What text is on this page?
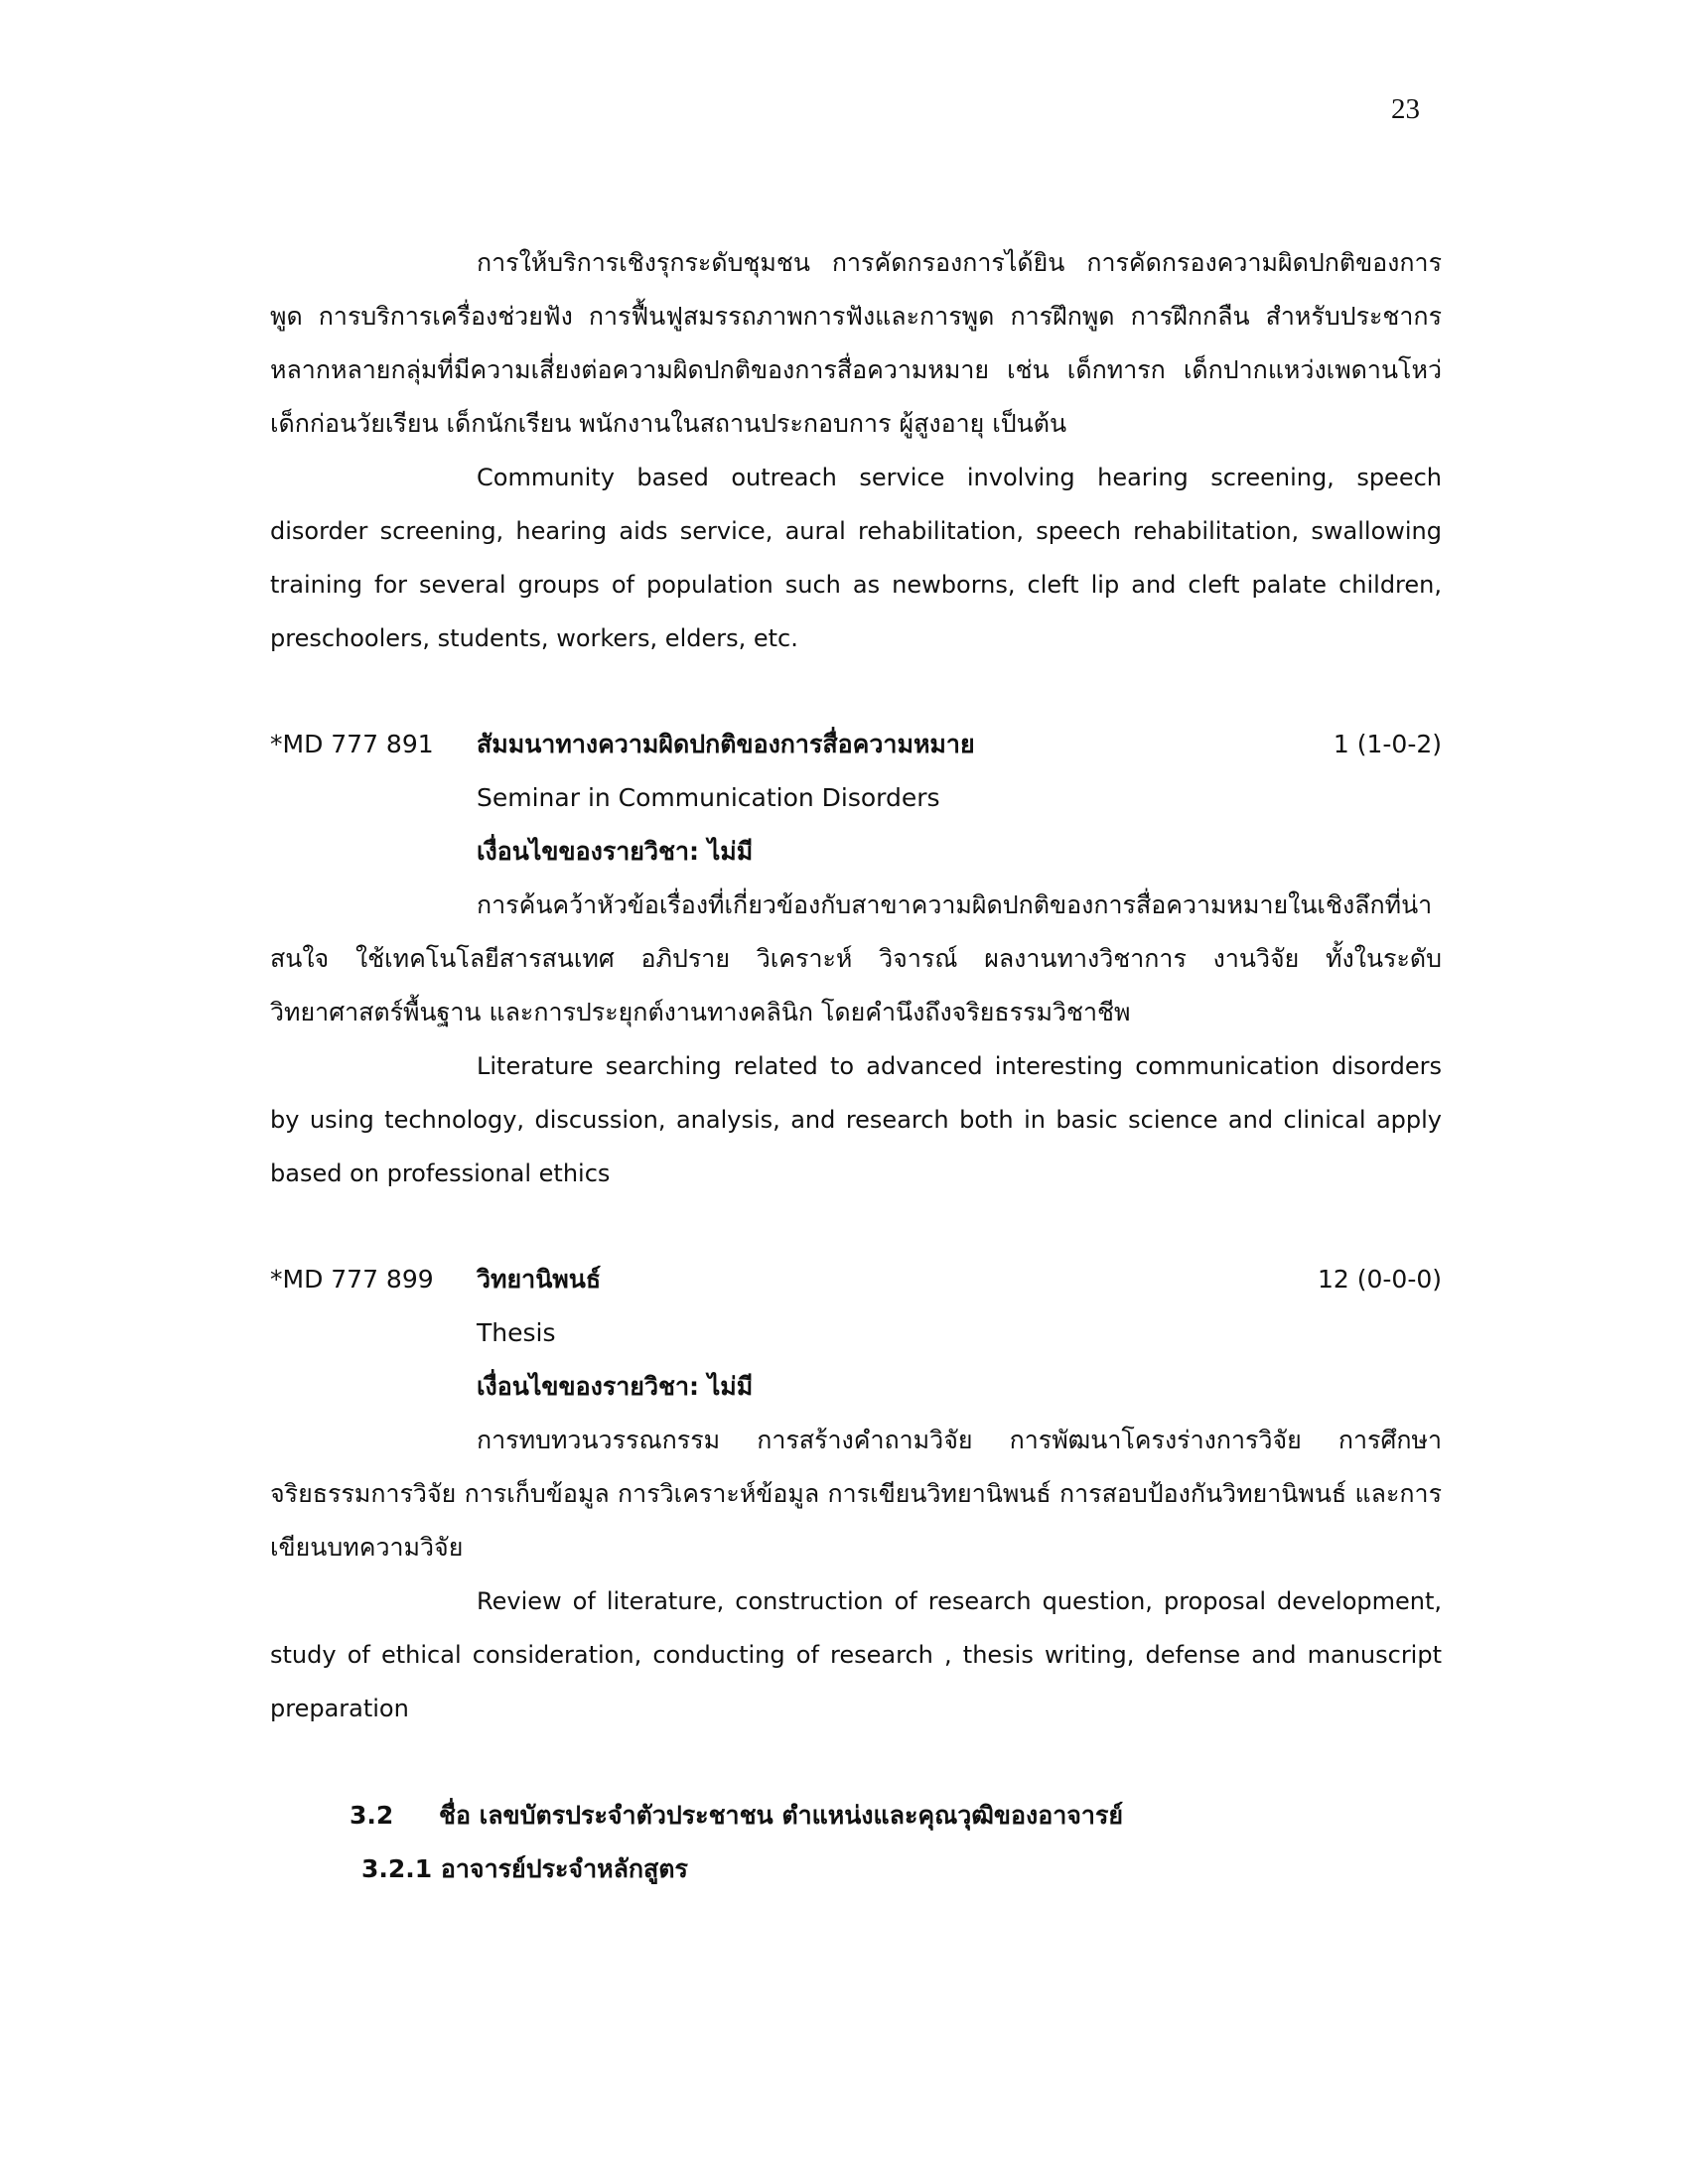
23

การให้บริการเชิงรุกระดับชุมชน การคัดกรองการได้ยิน การคัดกรองความผิดปกติของการพูด การบริการเครื่องช่วยฟัง การฟื้นฟูสมรรถภาพการฟังและการพูด การฝึกพูด การฝึกกลืน สำหรับประชากรหลากหลายกลุ่มที่มีความเสี่ยงต่อความผิดปกติของการสื่อความหมาย เช่น เด็กทารก เด็กปากแหว่งเพดานโหว่ เด็กก่อนวัยเรียน เด็กนักเรียน พนักงานในสถานประกอบการ ผู้สูงอายุ เป็นต้น

Community based outreach service involving hearing screening, speech disorder screening, hearing aids service, aural rehabilitation, speech rehabilitation, swallowing training for several groups of population such as newborns, cleft lip and cleft palate children, preschoolers, students, workers, elders, etc.

*MD 777 891	สัมมนาทางความผิดปกติของการสื่อความหมาย	1 (1-0-2)
Seminar in Communication Disorders
เงื่อนไขของรายวิชา: ไม่มี

การค้นคว้าหัวข้อเรื่องที่เกี่ยวข้องกับสาขาความผิดปกติของการสื่อความหมายในเชิงลึกที่น่าสนใจ ใช้เทคโนโลยีสารสนเทศ อภิปราย วิเคราะห์ วิจารณ์ ผลงานทางวิชาการ งานวิจัย ทั้งในระดับวิทยาศาสตร์พื้นฐาน และการประยุกต์งานทางคลินิก โดยคำนึงถึงจริยธรรมวิชาชีพ

Literature searching related to advanced interesting communication disorders by using technology, discussion, analysis, and research both in basic science and clinical apply based on professional ethics

*MD 777 899	วิทยานิพนธ์	12 (0-0-0)
Thesis
เงื่อนไขของรายวิชา: ไม่มี

การทบทวนวรรณกรรม การสร้างคำถามวิจัย การพัฒนาโครงร่างการวิจัย การศึกษาจริยธรรมการวิจัย การเก็บข้อมูล การวิเคราะห์ข้อมูล การเขียนวิทยานิพนธ์ การสอบป้องกันวิทยานิพนธ์ และการเขียนบทความวิจัย

Review of literature, construction of research question, proposal development, study of ethical consideration, conducting of research , thesis writing, defense and manuscript preparation

3.2	ชื่อ เลขบัตรประจำตัวประชาชน ตำแหน่งและคุณวุฒิของอาจารย์
3.2.1 อาจารย์ประจำหลักสูตร
